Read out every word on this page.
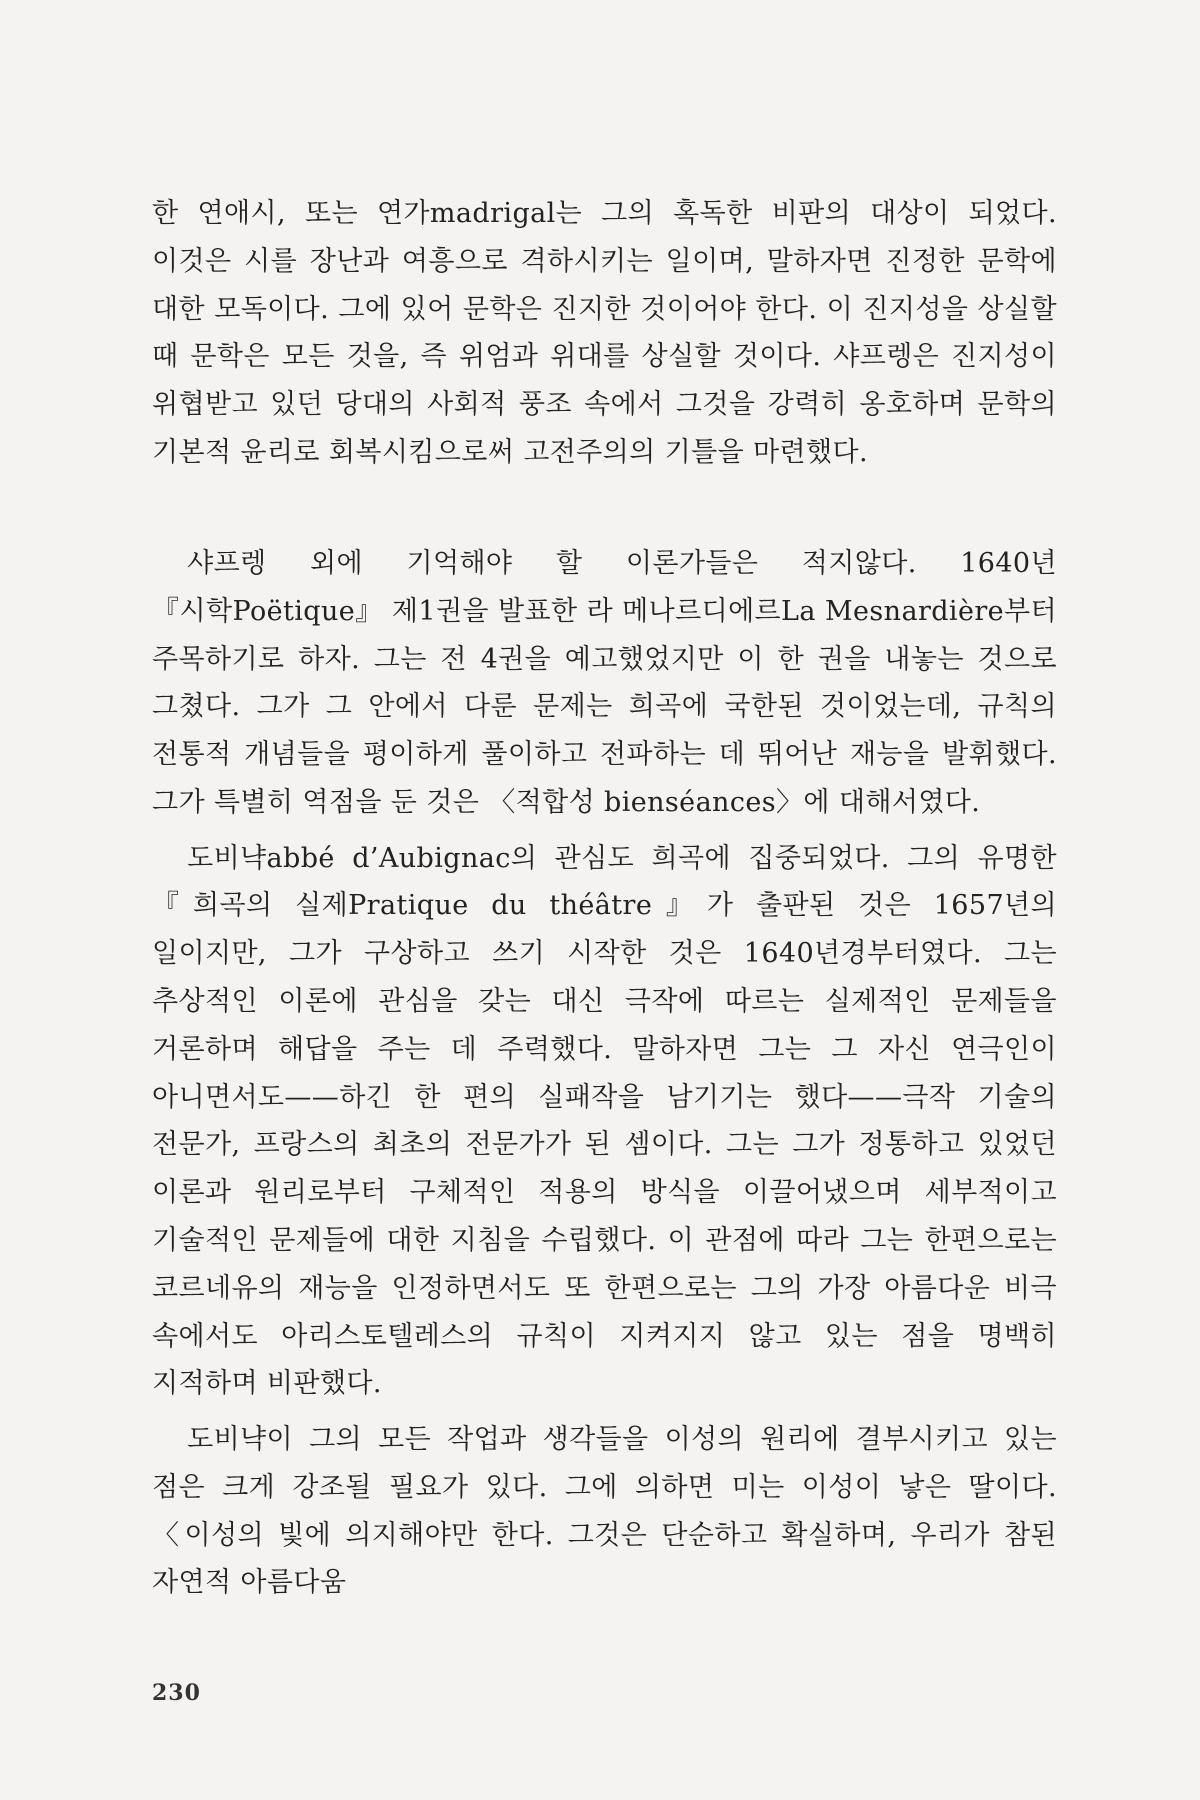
한 연애시, 또는 연가madrigal는 그의 혹독한 비판의 대상이 되었다. 이것은 시를 장난과 여흥으로 격하시키는 일이며, 말하자면 진정한 문학에 대한 모독이다. 그에 있어 문학은 진지한 것이어야 한다. 이 진지성을 상실할 때 문학은 모든 것을, 즉 위엄과 위대를 상실할 것이다. 샤프렝은 진지성이 위협받고 있던 당대의 사회적 풍조 속에서 그것을 강력히 옹호하며 문학의 기본적 윤리로 회복시킴으로써 고전주의의 기틀을 마련했다.

샤프렝 외에 기억해야 할 이론가들은 적지않다. 1640년 『시학Poëtique』 제1권을 발표한 라 메나르디에르La Mesnardière부터 주목하기로 하자. 그는 전 4권을 예고했었지만 이 한 권을 내놓는 것으로 그쳤다. 그가 그 안에서 다룬 문제는 희곡에 국한된 것이었는데, 규칙의 전통적 개념들을 평이하게 풀이하고 전파하는 데 뛰어난 재능을 발휘했다. 그가 특별히 역점을 둔 것은 〈적합성 bienséances〉에 대해서였다.

도비냑abbé d’Aubignac의 관심도 희곡에 집중되었다. 그의 유명한 『희곡의 실제Pratique du théâtre』가 출판된 것은 1657년의 일이지만, 그가 구상하고 쓰기 시작한 것은 1640년경부터였다. 그는 추상적인 이론에 관심을 갖는 대신 극작에 따르는 실제적인 문제들을 거론하며 해답을 주는 데 주력했다. 말하자면 그는 그 자신 연극인이 아니면서도——하긴 한 편의 실패작을 남기기는 했다——극작 기술의 전문가, 프랑스의 최초의 전문가가 된 셈이다. 그는 그가 정통하고 있었던 이론과 원리로부터 구체적인 적용의 방식을 이끌어냈으며 세부적이고 기술적인 문제들에 대한 지침을 수립했다. 이 관점에 따라 그는 한편으로는 코르네유의 재능을 인정하면서도 또 한편으로는 그의 가장 아름다운 비극 속에서도 아리스토텔레스의 규칙이 지켜지지 않고 있는 점을 명백히 지적하며 비판했다.

도비냑이 그의 모든 작업과 생각들을 이성의 원리에 결부시키고 있는 점은 크게 강조될 필요가 있다. 그에 의하면 미는 이성이 낳은 딸이다. 〈이성의 빛에 의지해야만 한다. 그것은 단순하고 확실하며, 우리가 참된 자연적 아름다움

230
